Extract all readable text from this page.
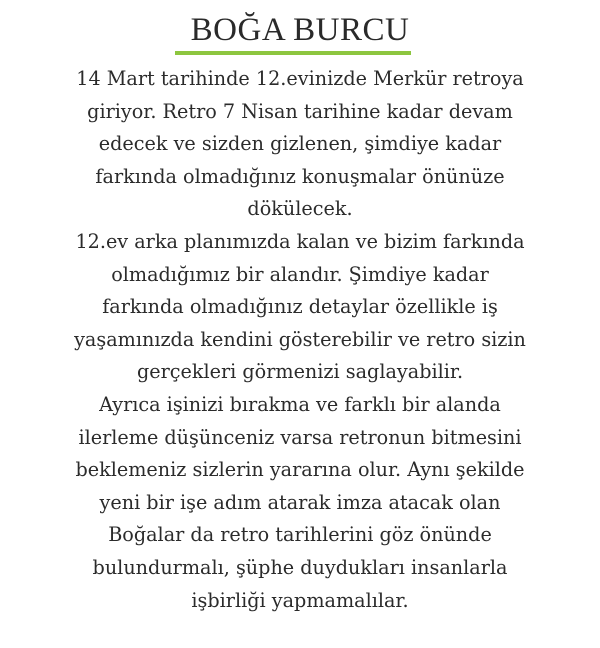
BOĞA BURCU
14 Mart tarihinde 12.evinizde Merkür retroya
giriyor. Retro 7 Nisan tarihine kadar devam
edecek ve sizden gizlenen, şimdiye kadar
farkında olmadığınız konuşmalar önünüze
dökülecek.
12.ev arka planımızda kalan ve bizim farkında
olmadığımız bir alandır. Şimdiye kadar
farkında olmadığınız detaylar özellikle iş
yaşamınızda kendini gösterebilir ve retro sizin
gerçekleri görmenizi saglayabilir.
Ayrıca işinizi bırakma ve farklı bir alanda
ilerleme düşünceniz varsa retronun bitmesini
beklemeniz sizlerin yararına olur. Aynı şekilde
yeni bir işe adım atarak imza atacak olan
Boğalar da retro tarihlerini göz önünde
bulundurmalı, şüphe duydukları insanlarla
işbirliği yapmamalılar.
